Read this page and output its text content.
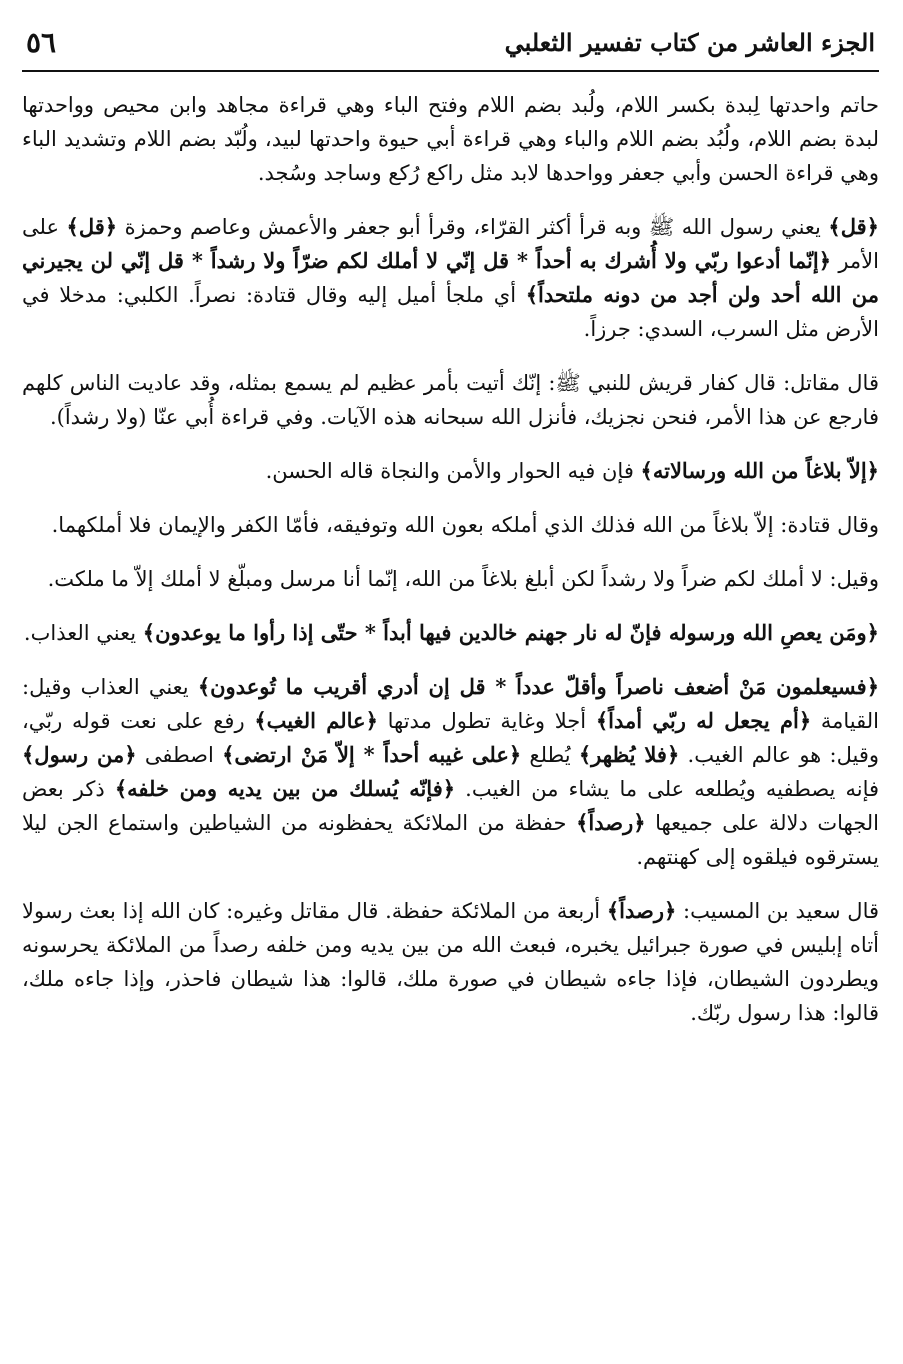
الجزء العاشر من كتاب تفسير الثعلبي
٥٦

حاتم واحدتها لِبدة بكسر اللام، ولُبد بضم اللام وفتح الباء وهي قراءة مجاهد وابن محيص وواحدتها لبدة بضم اللام، ولُبُد بضم اللام والباء وهي قراءة أبي حيوة واحدتها لبيد، ولُبّد بضم اللام وتشديد الباء وهي قراءة الحسن وأبي جعفر وواحدها لابد مثل راكع رُكع وساجد وسُجد.

﴿قل﴾ يعني رسول الله ﷺ وبه قرأ أكثر القرّاء، وقرأ أبو جعفر والأعمش وعاصم وحمزة ﴿قل﴾ على الأمر ﴿إنّما أدعوا ربّي ولا أُشرك به أحداً * قل إنّي لا أملك لكم ضرّاً ولا رشداً * قل إنّي لن يجيرني من الله أحد ولن أجد من دونه ملتحداً﴾ أي ملجأ أميل إليه وقال قتادة: نصراً. الكلبي: مدخلا في الأرض مثل السرب، السدي: جرزاً.

قال مقاتل: قال كفار قريش للنبي ﷺ: إنّك أتيت بأمر عظيم لم يسمع بمثله، وقد عاديت الناس كلهم فارجع عن هذا الأمر، فنحن نجزيك، فأنزل الله سبحانه هذه الآيات. وفي قراءة أُبي عنّا (ولا رشداً).

﴿إلاّ بلاغاً من الله ورسالاته﴾ فإن فيه الحوار والأمن والنجاة قاله الحسن.

وقال قتادة: إلاّ بلاغاً من الله فذلك الذي أملكه بعون الله وتوفيقه، فأمّا الكفر والإيمان فلا أملكهما.

وقيل: لا أملك لكم ضراً ولا رشداً لكن أبلغ بلاغاً من الله، إنّما أنا مرسل ومبلّغ لا أملك إلاّ ما ملكت.

﴿ومَن يعصِ الله ورسوله فإنّ له نار جهنم خالدين فيها أبداً * حتّى إذا رأوا ما يوعدون﴾ يعني العذاب.

﴿فسيعلمون مَنْ أضعف ناصراً وأقلّ عدداً * قل إن أدري أقريب ما تُوعدون﴾ يعني العذاب وقيل: القيامة ﴿أم يجعل له ربّي أمداً﴾ أجلا وغاية تطول مدتها ﴿عالم الغيب﴾ رفع على نعت قوله ربّي، وقيل: هو عالم الغيب. ﴿فلا يُظهر﴾ يُطلع ﴿على غيبه أحداً * إلاّ مَنْ ارتضى﴾ اصطفى ﴿من رسول﴾ فإنه يصطفيه ويُطلعه على ما يشاء من الغيب. ﴿فإنّه يُسلك من بين يديه ومن خلفه﴾ ذكر بعض الجهات دلالة على جميعها ﴿رصداً﴾ حفظة من الملائكة يحفظونه من الشياطين واستماع الجن ليلا يسترقوه فيلقوه إلى كهنتهم.

قال سعيد بن المسيب: ﴿رصداً﴾ أربعة من الملائكة حفظة. قال مقاتل وغيره: كان الله إذا بعث رسولا أتاه إبليس في صورة جبرائيل يخبره، فبعث الله من بين يديه ومن خلفه رصداً من الملائكة يحرسونه ويطردون الشيطان، فإذا جاءه شيطان في صورة ملك، قالوا: هذا شيطان فاحذر، وإذا جاءه ملك، قالوا: هذا رسول ربّك.
